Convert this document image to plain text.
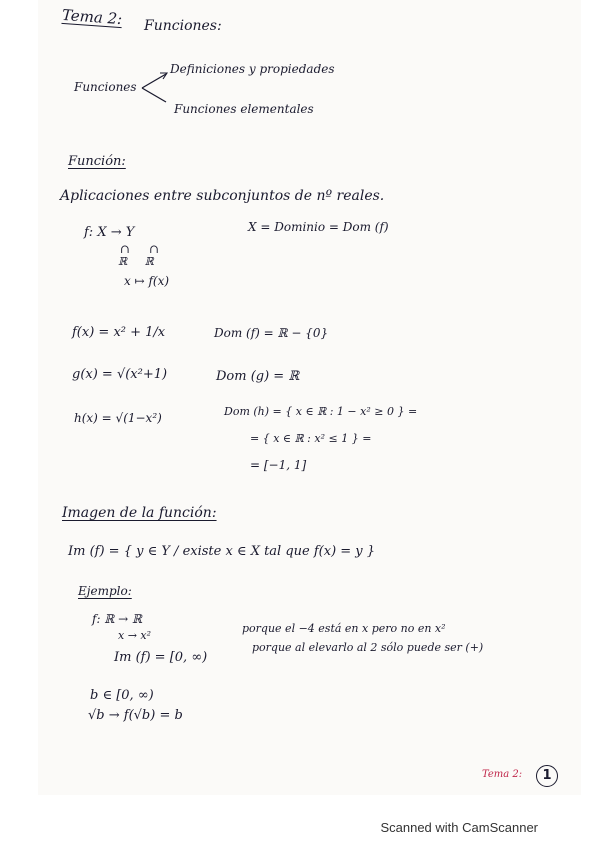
Tema 2: Funciones:
Funciones
Definiciones y propiedades
Funciones elementales
Función:
Aplicaciones entre subconjuntos de nº reales.
f: X → Y
∩     ∩
ℝ     ℝ
x ↦ f(x)
X = Dominio = Dom (f)
f(x) = x² + 1/x	Dom (f) = ℝ − {0}
g(x) = √(x²+1)	Dom (g) = ℝ
h(x) = √(1−x²)	Dom (h) = { x ∈ ℝ : 1 − x² ≥ 0 } =
= { x ∈ ℝ : x² ≤ 1 } =
= [−1, 1]
Imagen de la función:
Im (f) = { y ∈ Y / existe x ∈ X tal que f(x) = y }
Ejemplo:
f: ℝ → ℝ
x → x²
Im (f) = [0, ∞)
porque el −4 está en x pero no en x²
porque al elevarlo al 2 sólo puede ser (+)
b ∈ [0, ∞)
√b → f(√b) = b
Tema 2:	1
Scanned with CamScanner
